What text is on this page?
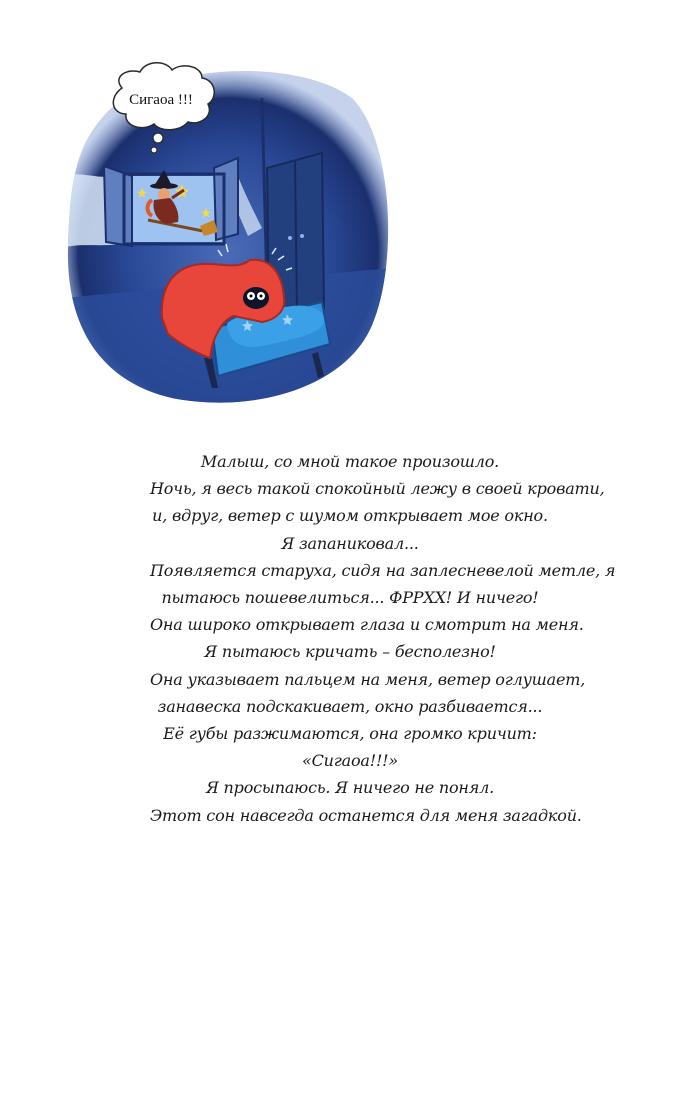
Сигаоа !!!
Малыш, со мной такое произошло.
Ночь, я весь такой спокойный лежу в своей кровати,
и, вдруг, ветер с шумом открывает мое окно.
Я запаниковал...
Появляется старуха, сидя на заплесневелой метле, я
пытаюсь пошевелиться... ФРРХХ! И ничего!
Она широко открывает глаза и смотрит на меня.
Я пытаюсь кричать – бесполезно!
Она указывает пальцем на меня, ветер оглушает,
занавеска подскакивает, окно разбивается...
Её губы разжимаются, она громко кричит:
«Сигаоа!!!»
Я просыпаюсь. Я ничего не понял.
Этот сон навсегда останется для меня загадкой.
